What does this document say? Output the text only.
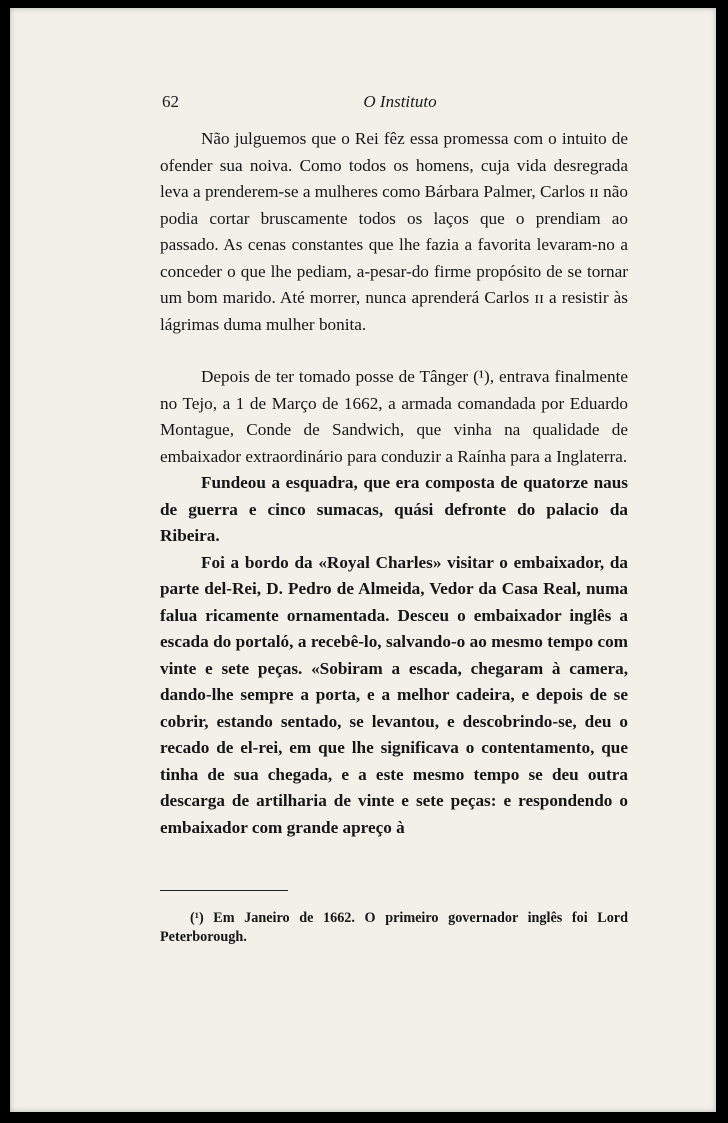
62	O Instituto

Não julguemos que o Rei fêz essa promessa com o intuito de ofender sua noiva. Como todos os homens, cuja vida desregrada leva a prenderem-se a mulheres como Bárbara Palmer, Carlos ɪɪ não podia cortar bruscamente todos os laços que o prendiam ao passado. As cenas constantes que lhe fazia a favorita levaram-no a conceder o que lhe pediam, a-pesar-do firme propósito de se tornar um bom marido. Até morrer, nunca aprenderá Carlos ɪɪ a resistir às lágrimas duma mulher bonita.

Depois de ter tomado posse de Tânger (¹), entrava finalmente no Tejo, a 1 de Março de 1662, a armada comandada por Eduardo Montague, Conde de Sandwich, que vinha na qualidade de embaixador extraordinário para conduzir a Raínha para a Inglaterra.

Fundeou a esquadra, que era composta de quatorze naus de guerra e cinco sumacas, quási defronte do palacio da Ribeira.

Foi a bordo da «Royal Charles» visitar o embaixador, da parte del-Rei, D. Pedro de Almeida, Vedor da Casa Real, numa falua ricamente ornamentada. Desceu o embaixador inglês a escada do portaló, a recebê-lo, salvando-o ao mesmo tempo com vinte e sete peças. «Sobiram a escada, chegaram à camera, dando-lhe sempre a porta, e a melhor cadeira, e depois de se cobrir, estando sentado, se levantou, e descobrindo-se, deu o recado de el-rei, em que lhe significava o contentamento, que tinha de sua chegada, e a este mesmo tempo se deu outra descarga de artilharia de vinte e sete peças: e respondendo o embaixador com grande apreço à

(¹) Em Janeiro de 1662. O primeiro governador inglês foi Lord Peterborough.
